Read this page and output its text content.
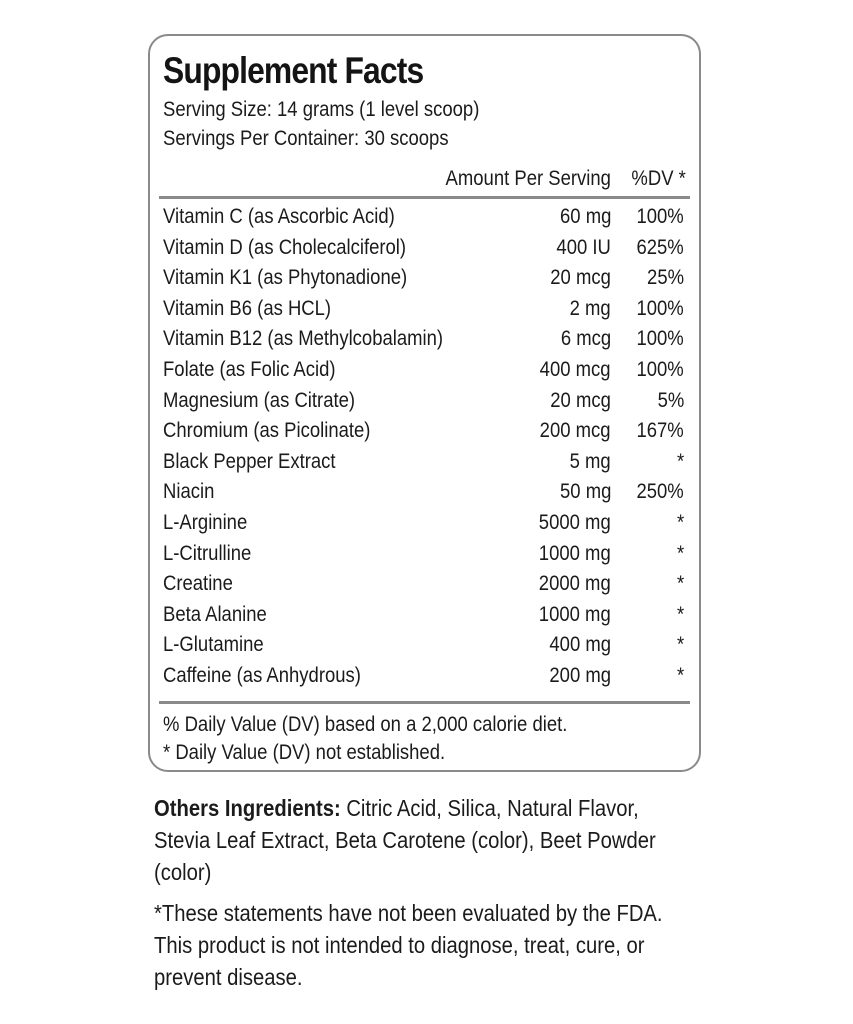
Supplement Facts
Serving Size: 14 grams (1 level scoop)
Servings Per Container: 30 scoops
Amount Per Serving %DV *
Vitamin C (as Ascorbic Acid)	60 mg 100%
Vitamin D (as Cholecalciferol)	400 IU 625%
Vitamin K1 (as Phytonadione)	20 mcg 25%
Vitamin B6 (as HCL)	2 mg 100%
Vitamin B12 (as Methylcobalamin)	6 mcg 100%
Folate (as Folic Acid)	400 mcg 100%
Magnesium (as Citrate)	20 mcg 5%
Chromium (as Picolinate)	200 mcg 167%
Black Pepper Extract	5 mg	*
Niacin	50 mg 250%
L-Arginine	5000 mg	*
L-Citrulline	1000 mg	*
Creatine	2000 mg	*
Beta Alanine	1000 mg	*
L-Glutamine	400 mg	*
Caffeine (as Anhydrous)	200 mg	*
% Daily Value (DV) based on a 2,000 calorie diet.
* Daily Value (DV) not established.
Others Ingredients: Citric Acid, Silica, Natural Flavor, Stevia Leaf Extract, Beta Carotene (color), Beet Powder (color)
*These statements have not been evaluated by the FDA. This product is not intended to diagnose, treat, cure, or prevent disease.
